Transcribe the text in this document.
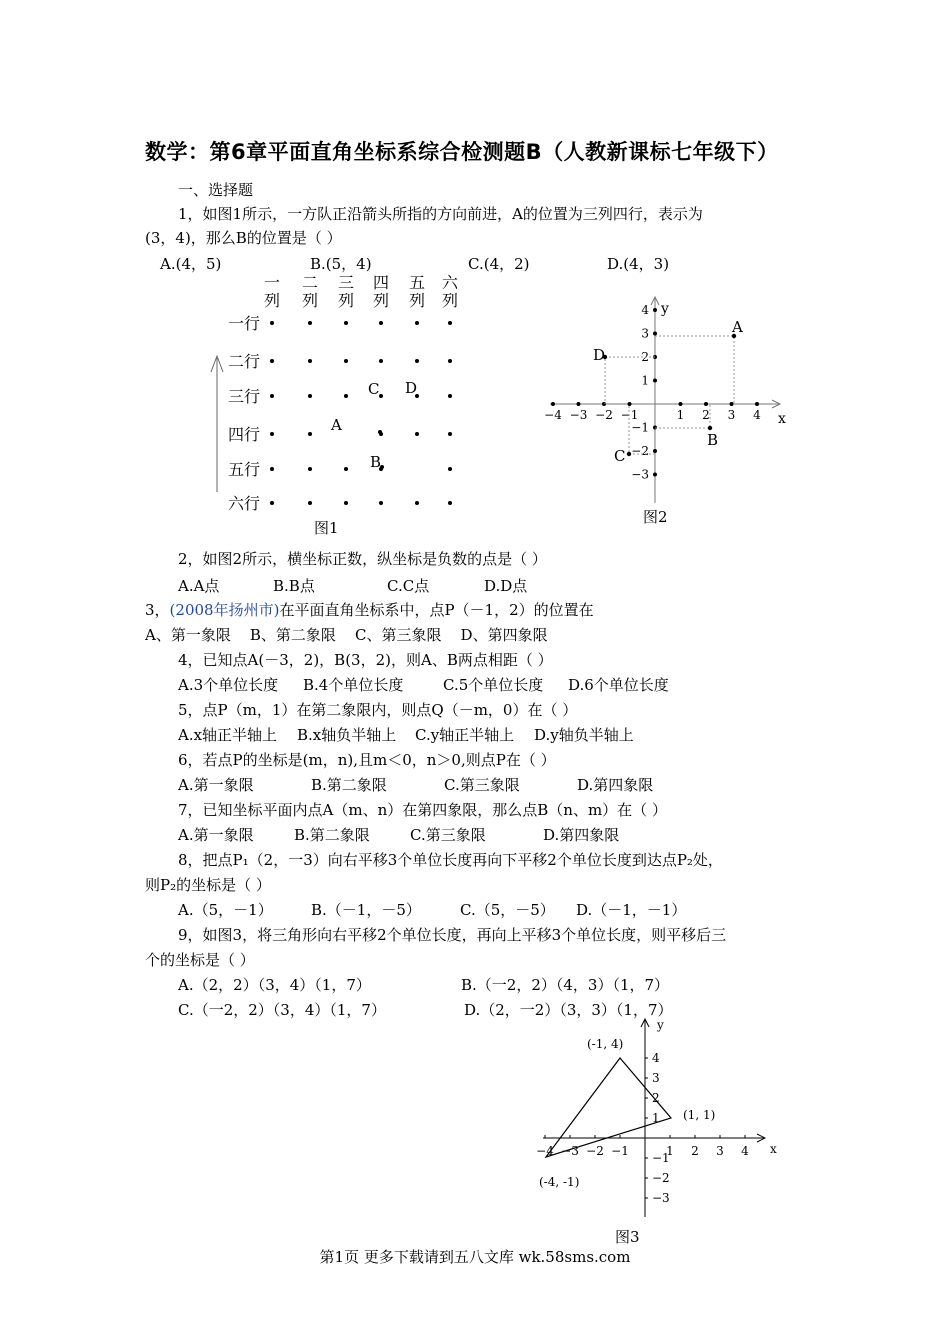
数学：第6章平面直角坐标系综合检测题B（人教新课标七年级下）
一、选择题
1，如图1所示，一方队正沿箭头所指的方向前进，A的位置为三列四行，表示为
(3，4)，那么B的位置是（ ）
A.(4，5)	B.(5，4)	C.(4，2)	D.(4，3)
一
列
二
列
三
列
四
列
五
列
六
列
一行
二行
三行
四行
五行
六行
A
B
C D
图1
x
y
−4 −3 −2 −1	1 2 3 4
4
3
2
1
−1
−2
−3
A
D
B
C
图2
2，如图2所示，横坐标正数，纵坐标是负数的点是（ ）
A.A点	B.B点	C.C点	D.D点
3，(2008年扬州市)在平面直角坐标系中，点P（－1，2）的位置在
A、第一象限    B、第二象限    C、第三象限    D、第四象限
4，已知点A(－3，2)，B(3，2)，则A、B两点相距（ ）
A.3个单位长度 B.4个单位长度	C.5个单位长度 D.6个单位长度
5，点P（m，1）在第二象限内，则点Q（－m，0）在（ ）
A.x轴正半轴上 B.x轴负半轴上 C.y轴正半轴上 D.y轴负半轴上
6，若点P的坐标是(m，n),且m＜0，n＞0,则点P在（ ）
A.第一象限	B.第二象限	C.第三象限	D.第四象限
7，已知坐标平面内点A（m、n）在第四象限，那么点B（n、m）在（ ）
A.第一象限	B.第二象限	C.第三象限	D.第四象限
8，把点P₁（2，一3）向右平移3个单位长度再向下平移2个单位长度到达点P₂处，
则P₂的坐标是（ ）
A.（5，－1）	B.（－1，－5）	C.（5，－5） D.（－1，－1）
9，如图3，将三角形向右平移2个单位长度，再向上平移3个单位长度，则平移后三
个的坐标是（ ）
A.（2，2）（3，4）（1，7）	B.（一2，2）（4，3）（1，7）
C.（一2，2）（3，4）（1，7）	D.（2，一2）（3，3）（1，7）
x
y
−4 −3 −2 −1	1 2 3 4
4
3
2
1
−1
−2
−3
(-1, 4)
(1, 1)
(-4, -1)
图3
第1页 更多下载请到五八文库 wk.58sms.com
